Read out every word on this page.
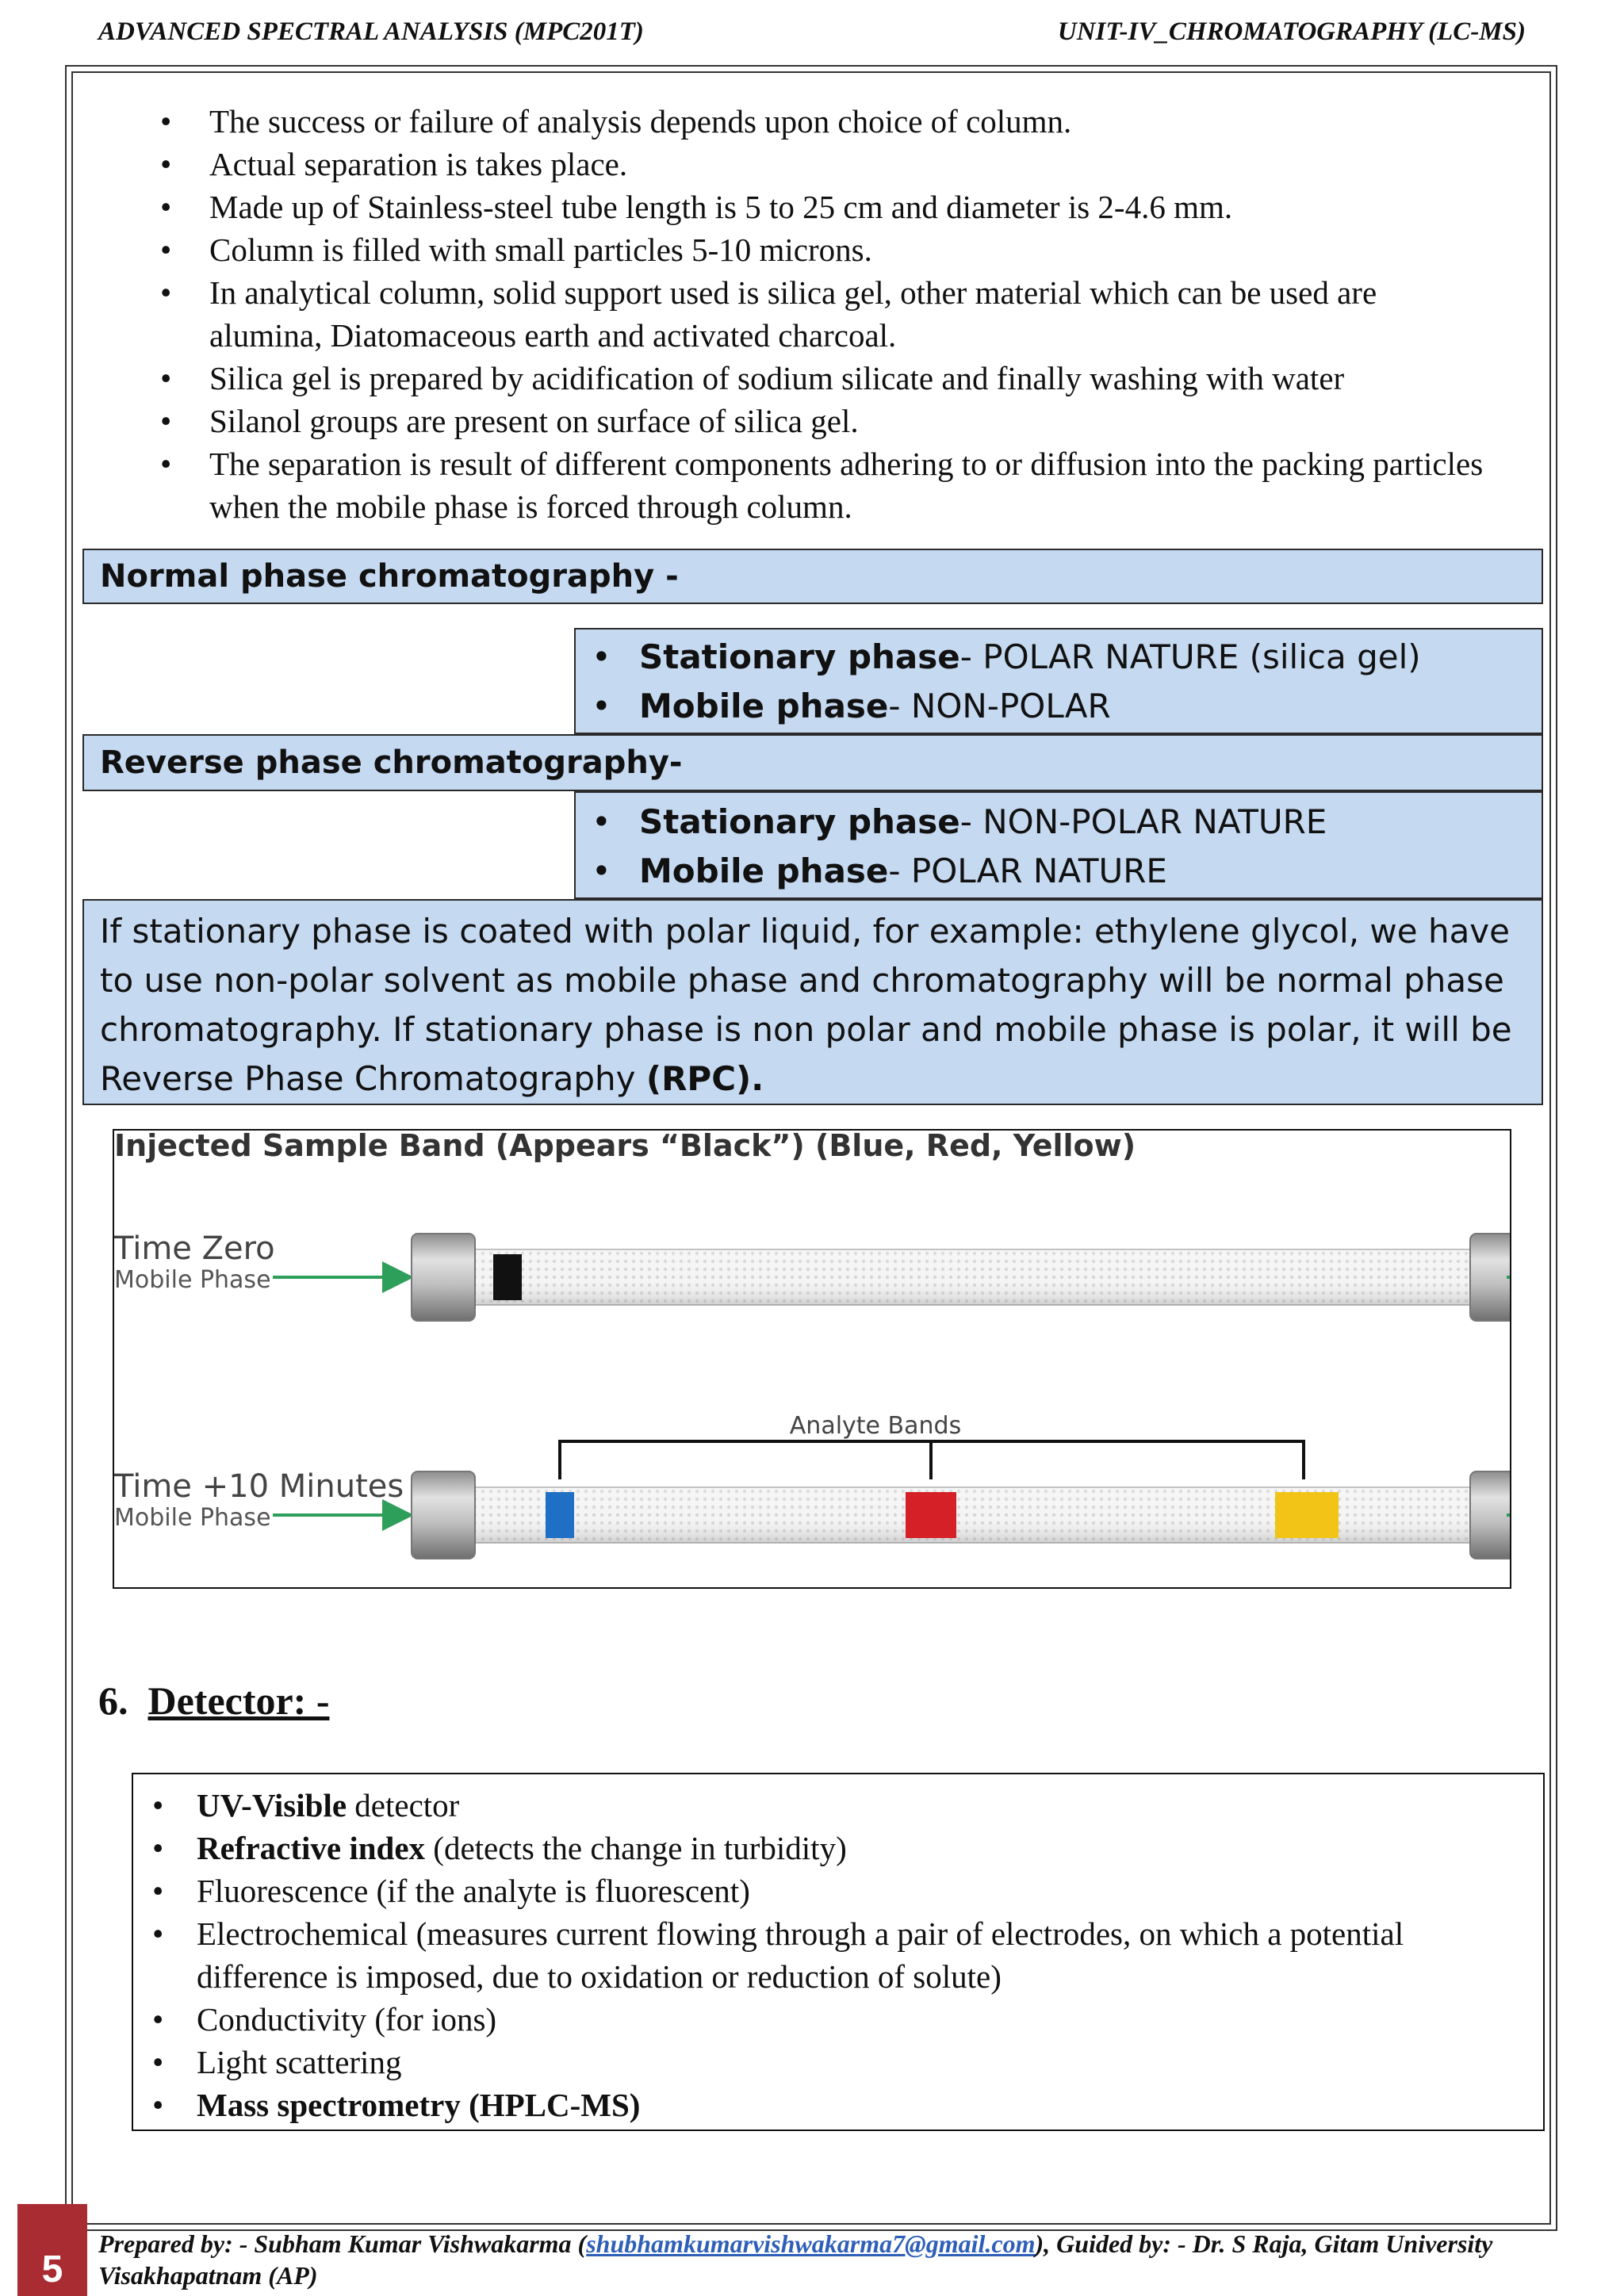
ADVANCED SPECTRAL ANALYSIS (MPC201T)	UNIT-IV_CHROMATOGRAPHY (LC-MS)
• The success or failure of analysis depends upon choice of column.
• Actual separation is takes place.
• Made up of Stainless-steel tube length is 5 to 25 cm and diameter is 2-4.6 mm.
• Column is filled with small particles 5-10 microns.
• In analytical column, solid support used is silica gel, other material which can be used are alumina, Diatomaceous earth and activated charcoal.
• Silica gel is prepared by acidification of sodium silicate and finally washing with water
• Silanol groups are present on surface of silica gel.
• The separation is result of different components adhering to or diffusion into the packing particles when the mobile phase is forced through column.
Normal phase chromatography -
• Stationary phase- POLAR NATURE (silica gel)
• Mobile phase- NON-POLAR
Reverse phase chromatography-
• Stationary phase- NON-POLAR NATURE
• Mobile phase- POLAR NATURE
If stationary phase is coated with polar liquid, for example: ethylene glycol, we have to use non-polar solvent as mobile phase and chromatography will be normal phase chromatography. If stationary phase is non polar and mobile phase is polar, it will be Reverse Phase Chromatography (RPC).
Injected Sample Band (Appears “Black”) (Blue, Red, Yellow)
Time Zero
Mobile Phase
Analyte Bands
Time +10 Minutes
Mobile Phase
6. Detector: -
• UV-Visible detector
• Refractive index (detects the change in turbidity)
• Fluorescence (if the analyte is fluorescent)
• Electrochemical (measures current flowing through a pair of electrodes, on which a potential difference is imposed, due to oxidation or reduction of solute)
• Conductivity (for ions)
• Light scattering
• Mass spectrometry (HPLC-MS)
5
Prepared by: - Subham Kumar Vishwakarma (shubhamkumarvishwakarma7@gmail.com), Guided by: - Dr. S Raja, Gitam University Visakhapatnam (AP)
